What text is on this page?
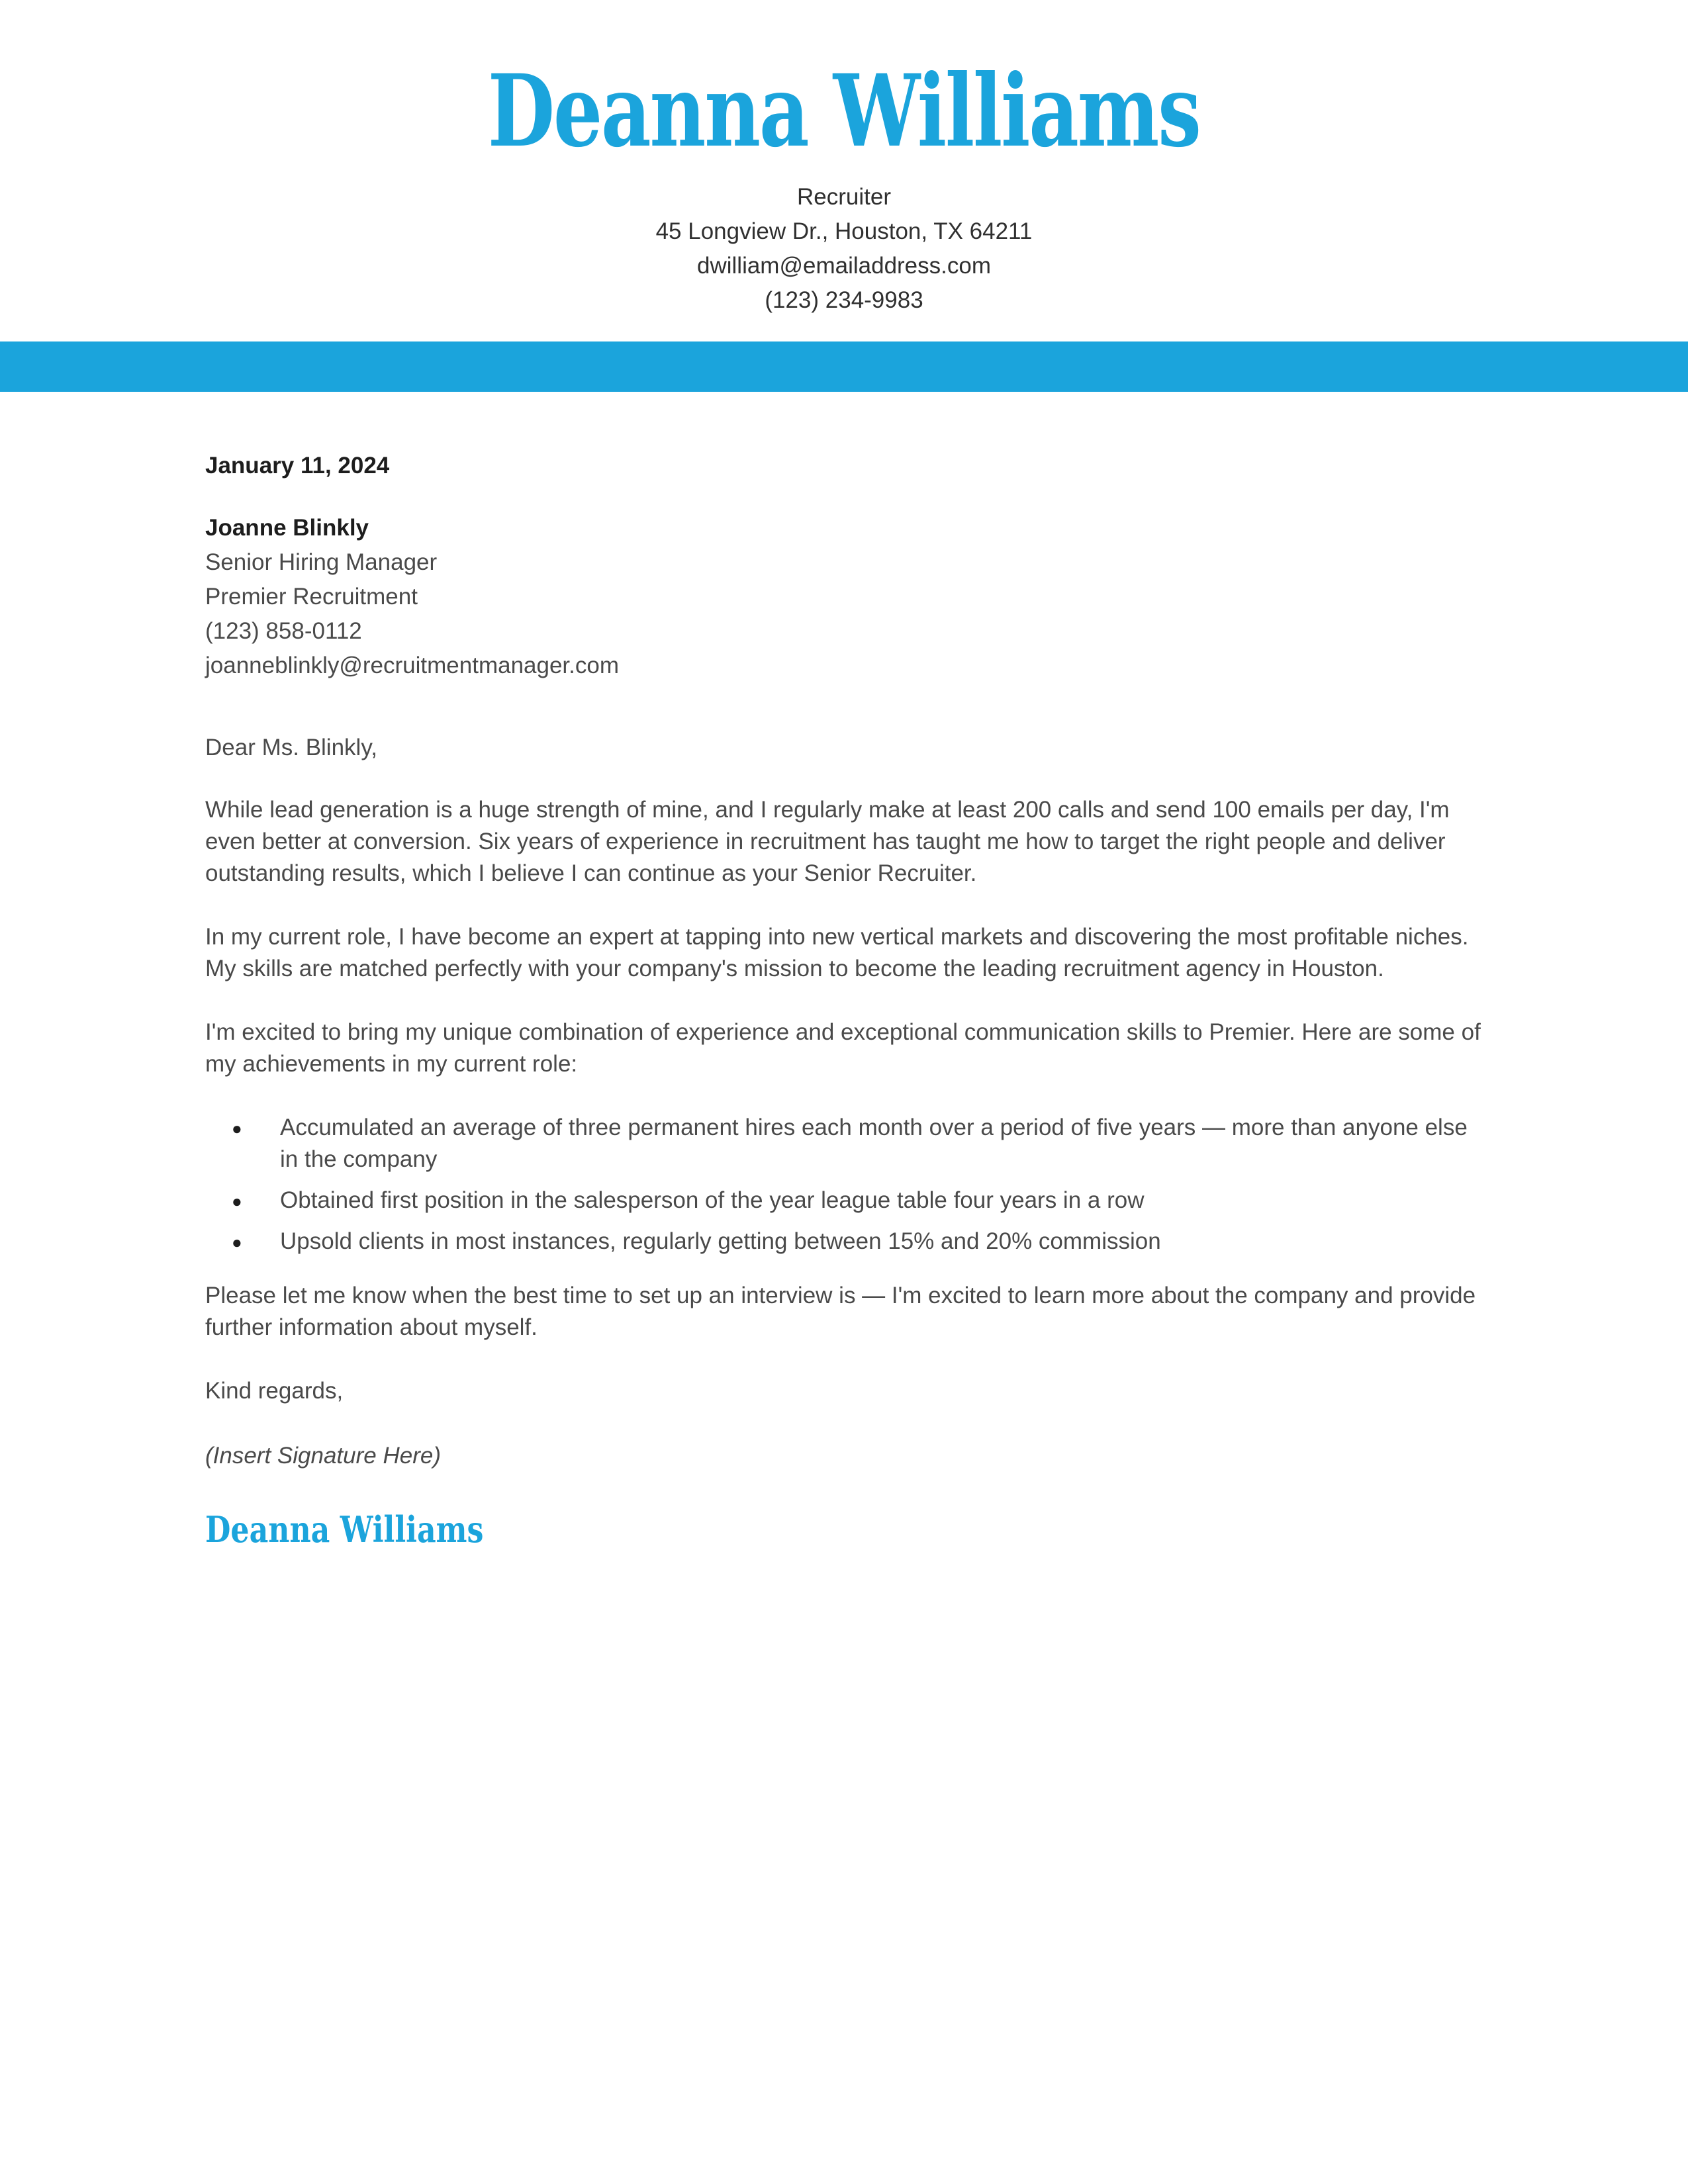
Deanna Williams
Recruiter
45 Longview Dr., Houston, TX 64211
dwilliam@emailaddress.com
(123) 234-9983

January 11, 2024

Joanne Blinkly
Senior Hiring Manager
Premier Recruitment
(123) 858-0112
joanneblinkly@recruitmentmanager.com

Dear Ms. Blinkly,

While lead generation is a huge strength of mine, and I regularly make at least 200 calls and send 100 emails per day, I'm even better at conversion. Six years of experience in recruitment has taught me how to target the right people and deliver outstanding results, which I believe I can continue as your Senior Recruiter.

In my current role, I have become an expert at tapping into new vertical markets and discovering the most profitable niches. My skills are matched perfectly with your company's mission to become the leading recruitment agency in Houston.

I'm excited to bring my unique combination of experience and exceptional communication skills to Premier. Here are some of my achievements in my current role:

● Accumulated an average of three permanent hires each month over a period of five years — more than anyone else in the company
● Obtained first position in the salesperson of the year league table four years in a row
● Upsold clients in most instances, regularly getting between 15% and 20% commission

Please let me know when the best time to set up an interview is — I'm excited to learn more about the company and provide further information about myself.

Kind regards,

(Insert Signature Here)

Deanna Williams
